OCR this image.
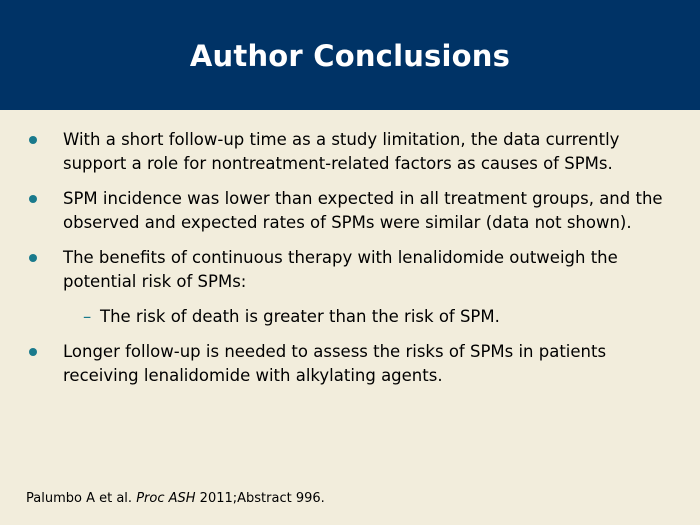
Author Conclusions
With a short follow-up time as a study limitation, the data currently support a role for nontreatment-related factors as causes of SPMs.
SPM incidence was lower than expected in all treatment groups, and the observed and expected rates of SPMs were similar (data not shown).
The benefits of continuous therapy with lenalidomide outweigh the potential risk of SPMs:
– The risk of death is greater than the risk of SPM.
Longer follow-up is needed to assess the risks of SPMs in patients receiving lenalidomide with alkylating agents.
Palumbo A et al. Proc ASH 2011;Abstract 996.
